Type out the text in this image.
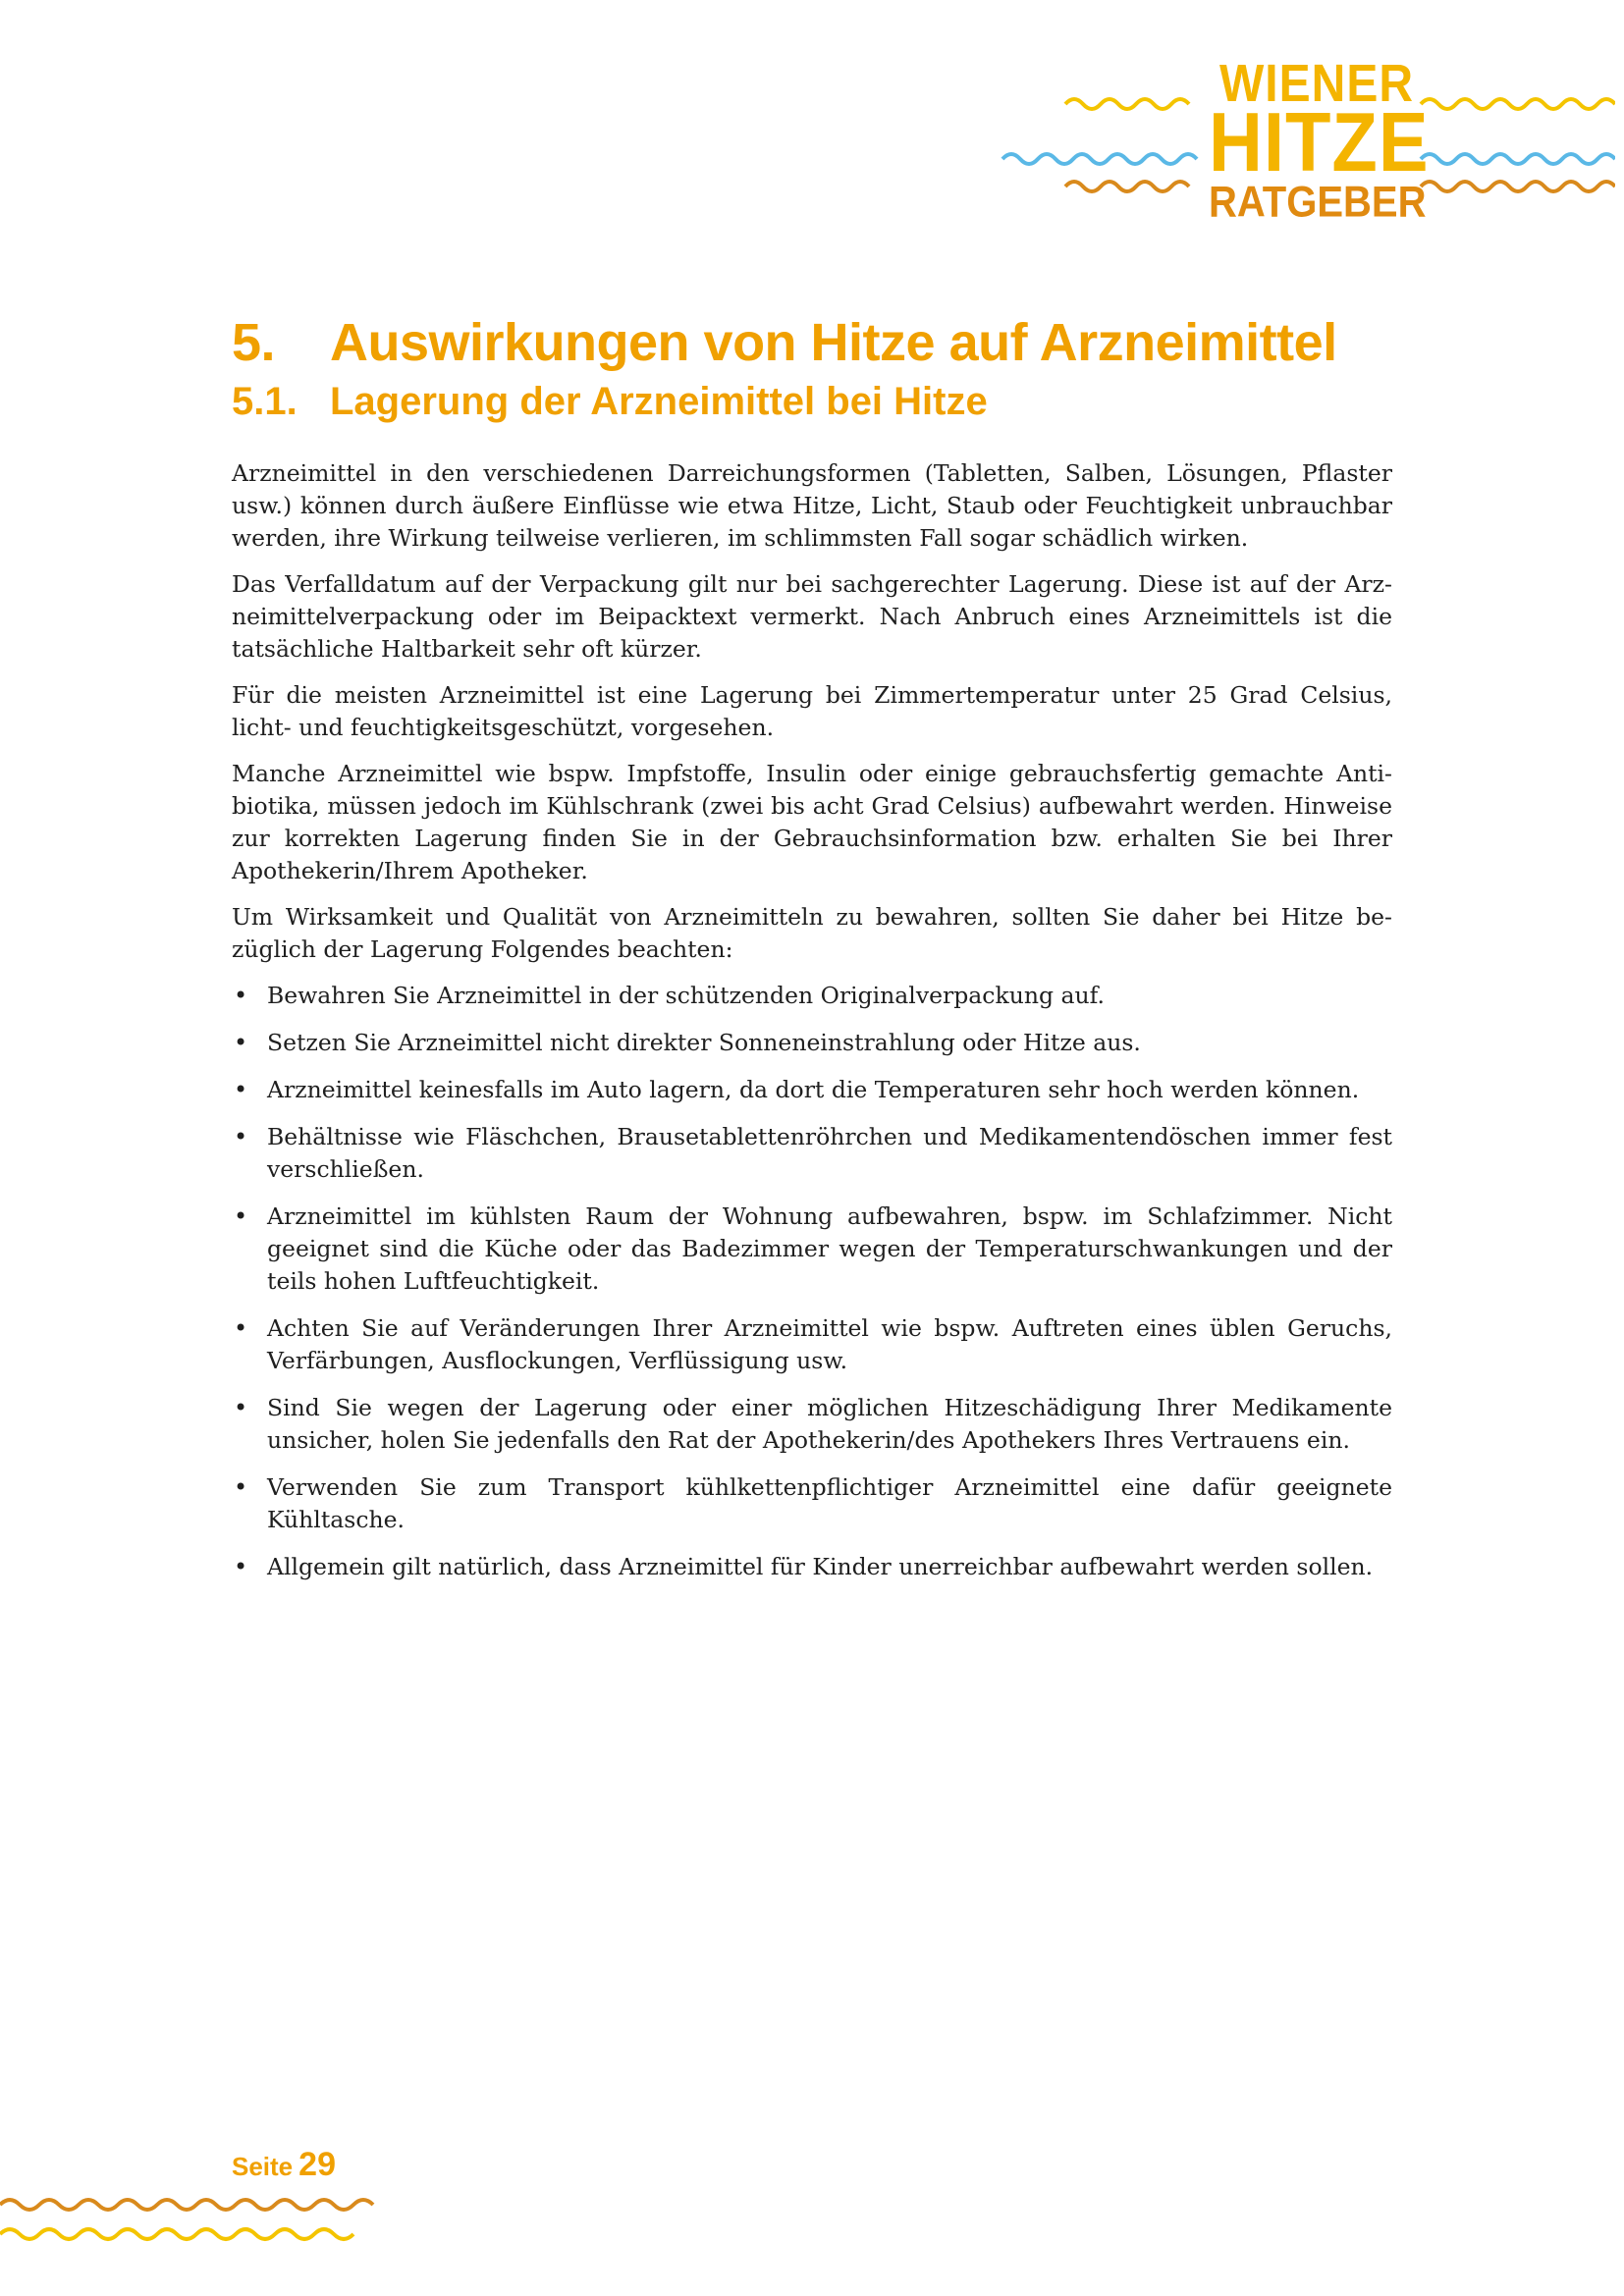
WIENER
HITZE
RATGEBER
5. Auswirkungen von Hitze auf Arzneimittel
5.1. Lagerung der Arzneimittel bei Hitze

Arzneimittel in den verschiedenen Darreichungsformen (Tabletten, Salben, Lösungen, Pflaster usw.) können durch äußere Einflüsse wie etwa Hitze, Licht, Staub oder Feuchtigkeit unbrauchbar werden, ihre Wirkung teilweise verlieren, im schlimmsten Fall sogar schädlich wirken.

Das Verfalldatum auf der Verpackung gilt nur bei sachgerechter Lagerung. Diese ist auf der Arzneimittelverpackung oder im Beipacktext vermerkt. Nach Anbruch eines Arzneimittels ist die tatsächliche Haltbarkeit sehr oft kürzer.

Für die meisten Arzneimittel ist eine Lagerung bei Zimmertemperatur unter 25 Grad Celsius, licht- und feuchtigkeitsgeschützt, vorgesehen.

Manche Arzneimittel wie bspw. Impfstoffe, Insulin oder einige gebrauchsfertig gemachte Antibiotika, müssen jedoch im Kühlschrank (zwei bis acht Grad Celsius) aufbewahrt werden. Hinweise zur korrekten Lagerung finden Sie in der Gebrauchsinformation bzw. erhalten Sie bei Ihrer Apothekerin/Ihrem Apotheker.

Um Wirksamkeit und Qualität von Arzneimitteln zu bewahren, sollten Sie daher bei Hitze bezüglich der Lagerung Folgendes beachten:

• Bewahren Sie Arzneimittel in der schützenden Originalverpackung auf.
• Setzen Sie Arzneimittel nicht direkter Sonneneinstrahlung oder Hitze aus.
• Arzneimittel keinesfalls im Auto lagern, da dort die Temperaturen sehr hoch werden können.
• Behältnisse wie Fläschchen, Brausetablettenröhrchen und Medikamentendöschen immer fest verschließen.
• Arzneimittel im kühlsten Raum der Wohnung aufbewahren, bspw. im Schlafzimmer. Nicht geeignet sind die Küche oder das Badezimmer wegen der Temperaturschwankungen und der teils hohen Luftfeuchtigkeit.
• Achten Sie auf Veränderungen Ihrer Arzneimittel wie bspw. Auftreten eines üblen Geruchs, Verfärbungen, Ausflockungen, Verflüssigung usw.
• Sind Sie wegen der Lagerung oder einer möglichen Hitzeschädigung Ihrer Medikamente unsicher, holen Sie jedenfalls den Rat der Apothekerin/des Apothekers Ihres Vertrauens ein.
• Verwenden Sie zum Transport kühlkettenpflichtiger Arzneimittel eine dafür geeignete Kühltasche.
• Allgemein gilt natürlich, dass Arzneimittel für Kinder unerreichbar aufbewahrt werden sollen.
Seite 29
